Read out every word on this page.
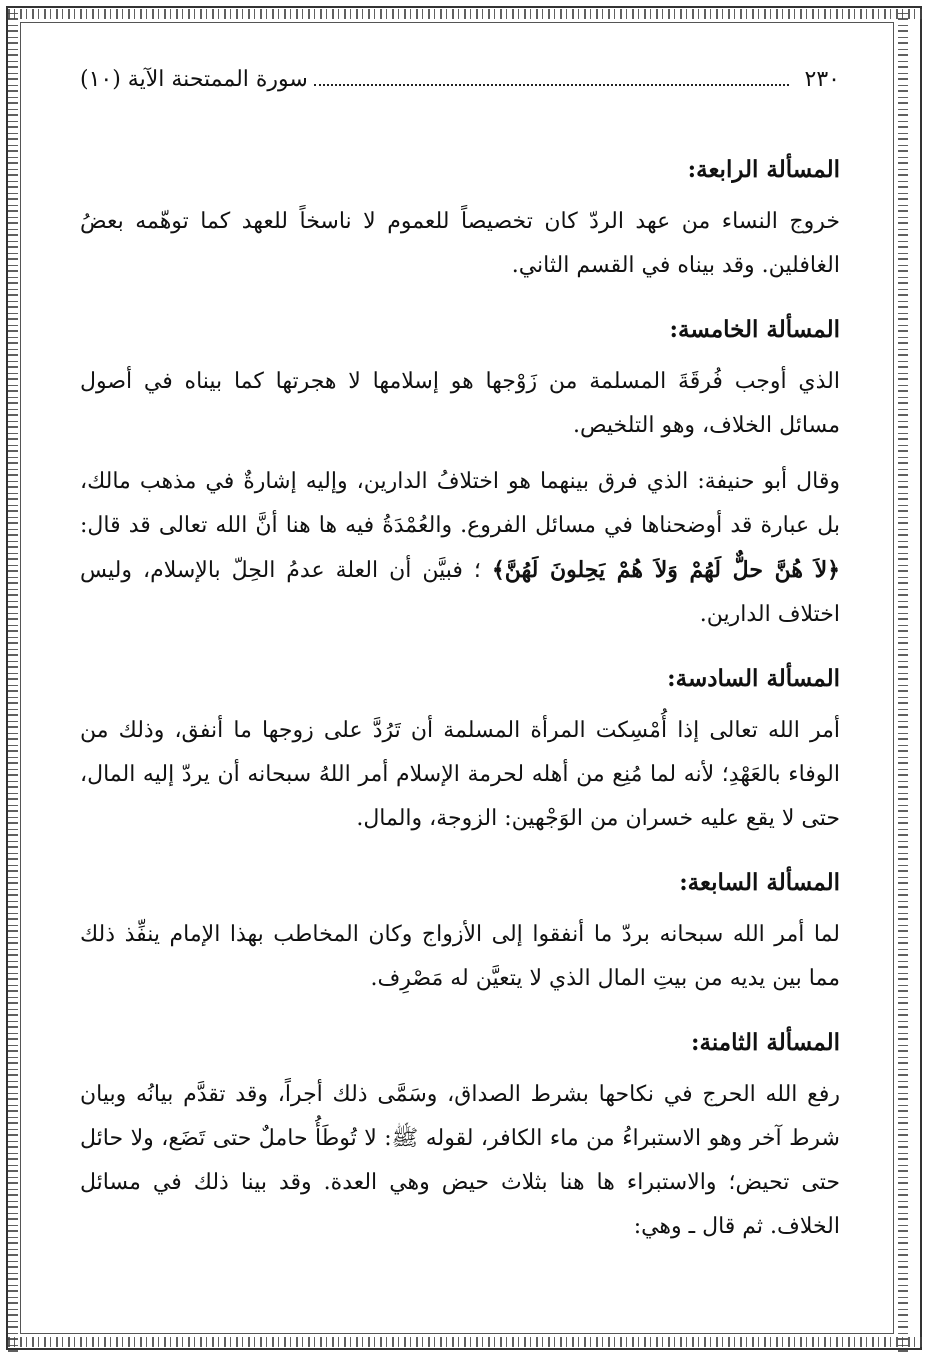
٢٣٠
سورة الممتحنة الآية (١٠)

المسألة الرابعة:

خروج النساء من عهد الردّ كان تخصيصاً للعموم لا ناسخاً للعهد كما توهّمه بعضُ الغافلين. وقد بيناه في القسم الثاني.

المسألة الخامسة:

الذي أوجب فُرقَةَ المسلمة من زَوْجها هو إسلامها لا هجرتها كما بيناه في أصول مسائل الخلاف، وهو التلخيص.

وقال أبو حنيفة: الذي فرق بينهما هو اختلافُ الدارين، وإليه إشارةٌ في مذهب مالك، بل عبارة قد أوضحناها في مسائل الفروع. والعُمْدَةُ فيه ها هنا أنَّ الله تعالى قد قال: ﴿لاَ هُنَّ حلٌّ لَهُمْ وَلاَ هُمْ يَحِلونَ لَهُنَّ﴾ ؛ فبيَّن أن العلة عدمُ الحِلّ بالإسلام، وليس اختلاف الدارين.

المسألة السادسة:

أمر الله تعالى إذا أُمْسِكت المرأة المسلمة أن تَرُدَّ على زوجها ما أنفق، وذلك من الوفاء بالعَهْدِ؛ لأنه لما مُنِع من أهله لحرمة الإسلام أمر اللهُ سبحانه أن يردّ إليه المال، حتى لا يقع عليه خسران من الوَجْهين: الزوجة، والمال.

المسألة السابعة:

لما أمر الله سبحانه بردّ ما أنفقوا إلى الأزواج وكان المخاطب بهذا الإمام ينفِّذ ذلك مما بين يديه من بيتِ المال الذي لا يتعيَّن له مَصْرِف.

المسألة الثامنة:

رفع الله الحرج في نكاحها بشرط الصداق، وسَمَّى ذلك أجراً، وقد تقدَّم بيانُه وبيان شرط آخر وهو الاستبراءُ من ماء الكافر، لقوله ﷺ: لا تُوطَأُ حاملٌ حتى تَضَع، ولا حائل حتى تحيض؛ والاستبراء ها هنا بثلاث حيض وهي العدة. وقد بينا ذلك في مسائل الخلاف. ثم قال ـ وهي:
